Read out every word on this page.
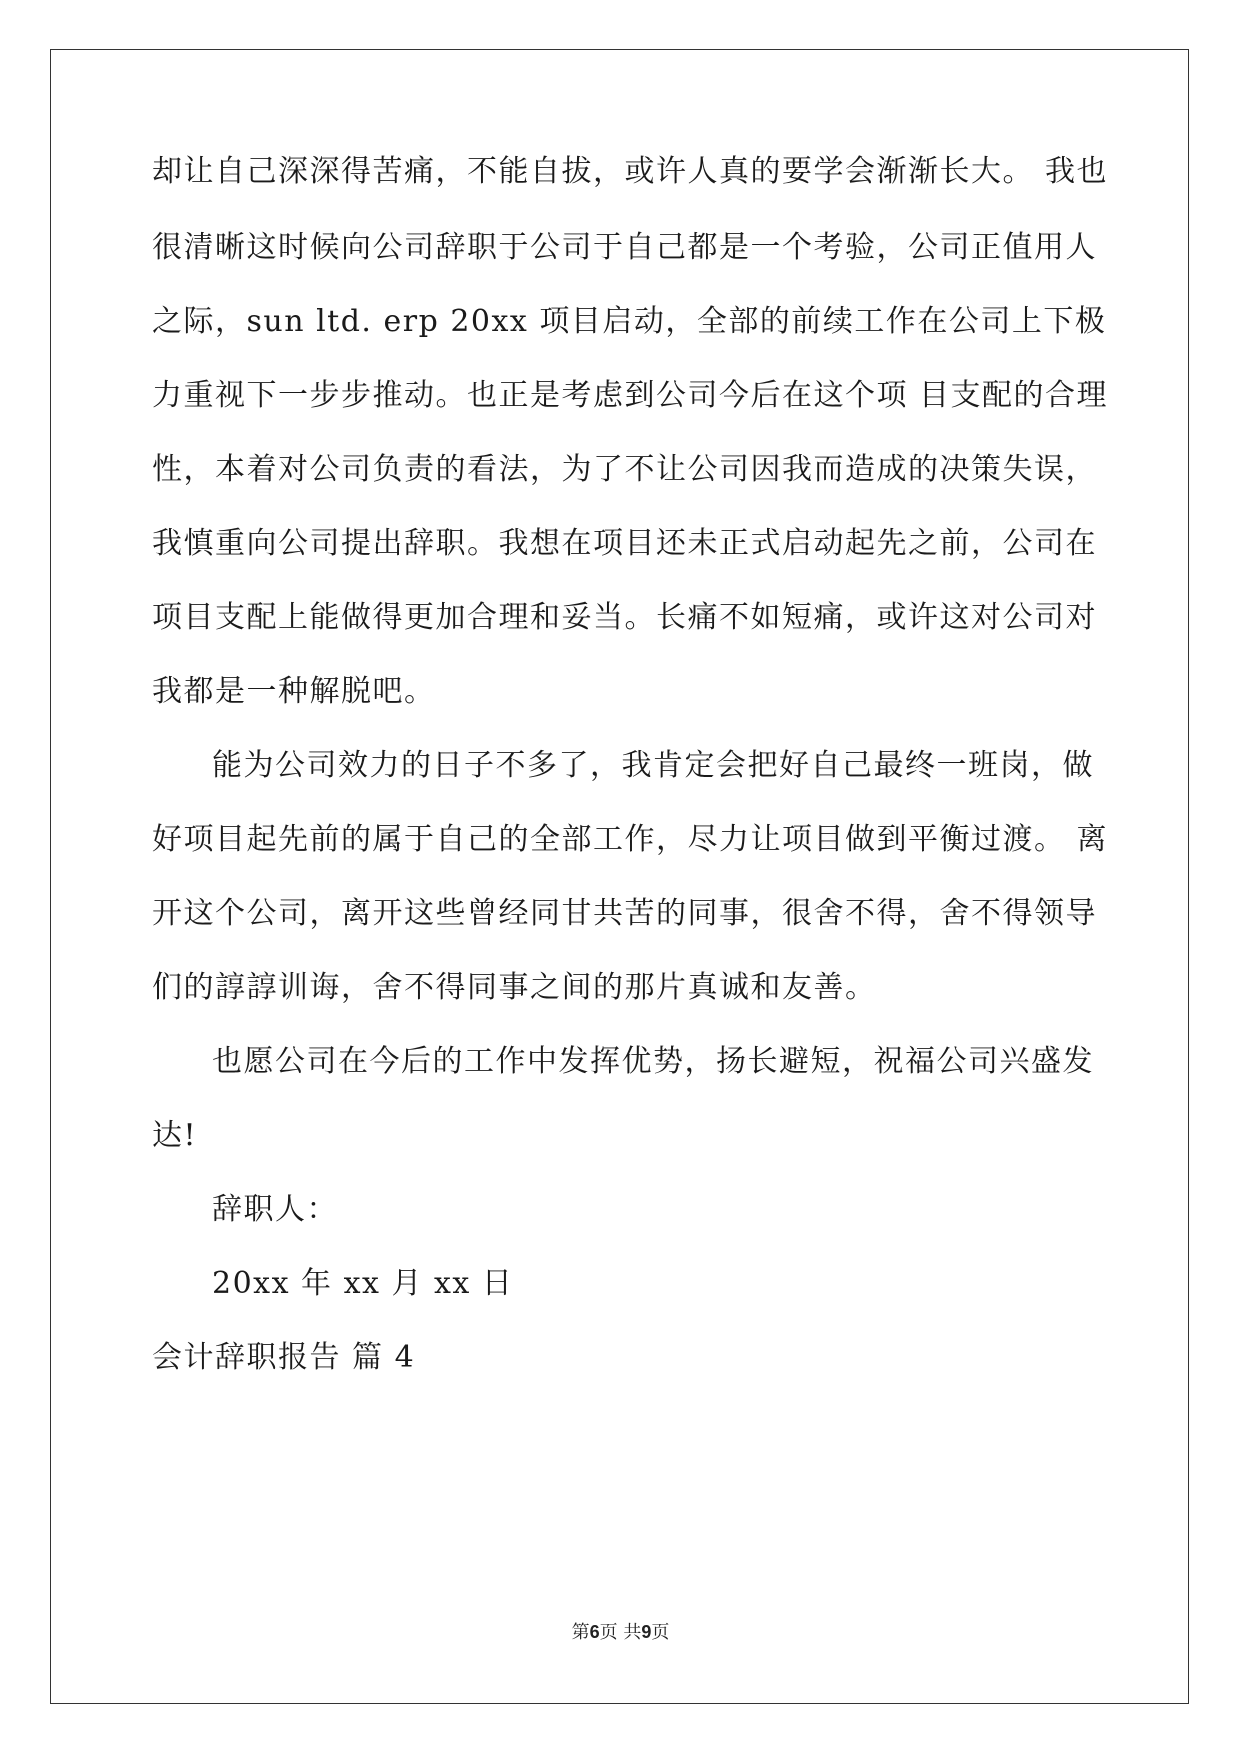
却让自己深深得苦痛，不能自拔，或许人真的要学会渐渐长大。 我也
很清晰这时候向公司辞职于公司于自己都是一个考验，公司正值用人
之际，sun ltd. erp 20xx 项目启动，全部的前续工作在公司上下极
力重视下一步步推动。也正是考虑到公司今后在这个项 目支配的合理
性，本着对公司负责的看法，为了不让公司因我而造成的决策失误，
我慎重向公司提出辞职。我想在项目还未正式启动起先之前，公司在
项目支配上能做得更加合理和妥当。长痛不如短痛，或许这对公司对
我都是一种解脱吧。
能为公司效力的日子不多了，我肯定会把好自己最终一班岗，做
好项目起先前的属于自己的全部工作，尽力让项目做到平衡过渡。 离
开这个公司，离开这些曾经同甘共苦的同事，很舍不得，舍不得领导
们的諄諄训诲，舍不得同事之间的那片真诚和友善。
也愿公司在今后的工作中发挥优势，扬长避短，祝福公司兴盛发
达!
辞职人：
20xx 年 xx 月 xx 日
会计辞职报告 篇 4
第6页 共9页
